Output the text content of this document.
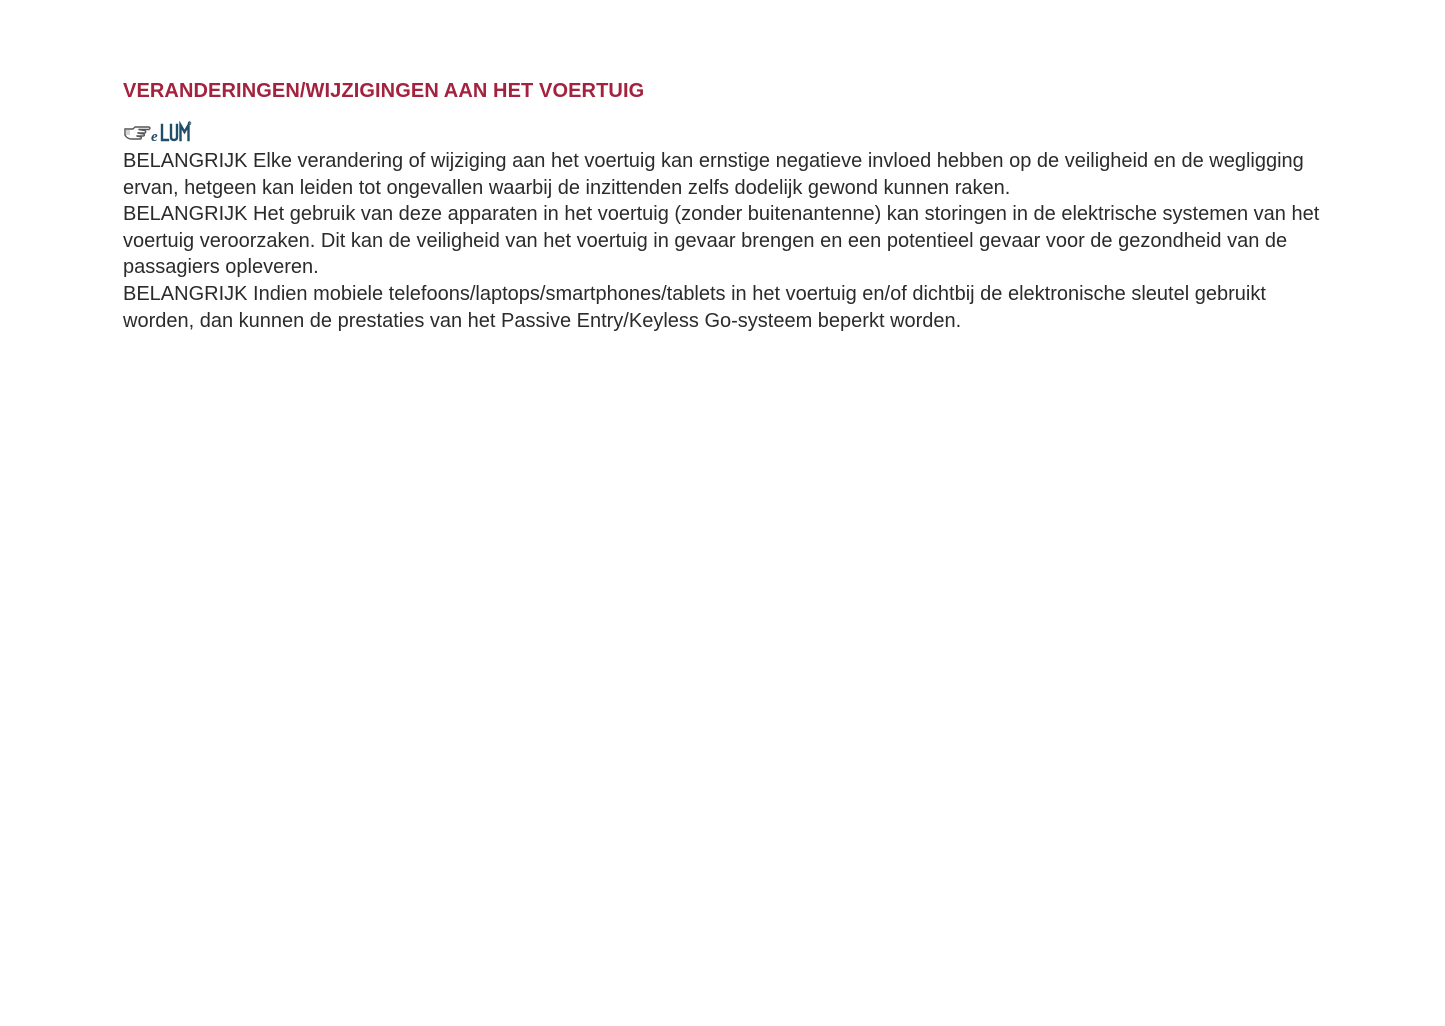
VERANDERINGEN/WIJZIGINGEN AAN HET VOERTUIG
e

BELANGRIJK Elke verandering of wijziging aan het voertuig kan ernstige negatieve invloed hebben op de veiligheid en de wegligging ervan, hetgeen kan leiden tot ongevallen waarbij de inzittenden zelfs dodelijk gewond kunnen raken.

BELANGRIJK Het gebruik van deze apparaten in het voertuig (zonder buitenantenne) kan storingen in de elektrische systemen van het voertuig veroorzaken. Dit kan de veiligheid van het voertuig in gevaar brengen en een potentieel gevaar voor de gezondheid van de passagiers opleveren.

BELANGRIJK Indien mobiele telefoons/laptops/smartphones/tablets in het voertuig en/of dichtbij de elektronische sleutel gebruikt worden, dan kunnen de prestaties van het Passive Entry/Keyless Go-systeem beperkt worden.
